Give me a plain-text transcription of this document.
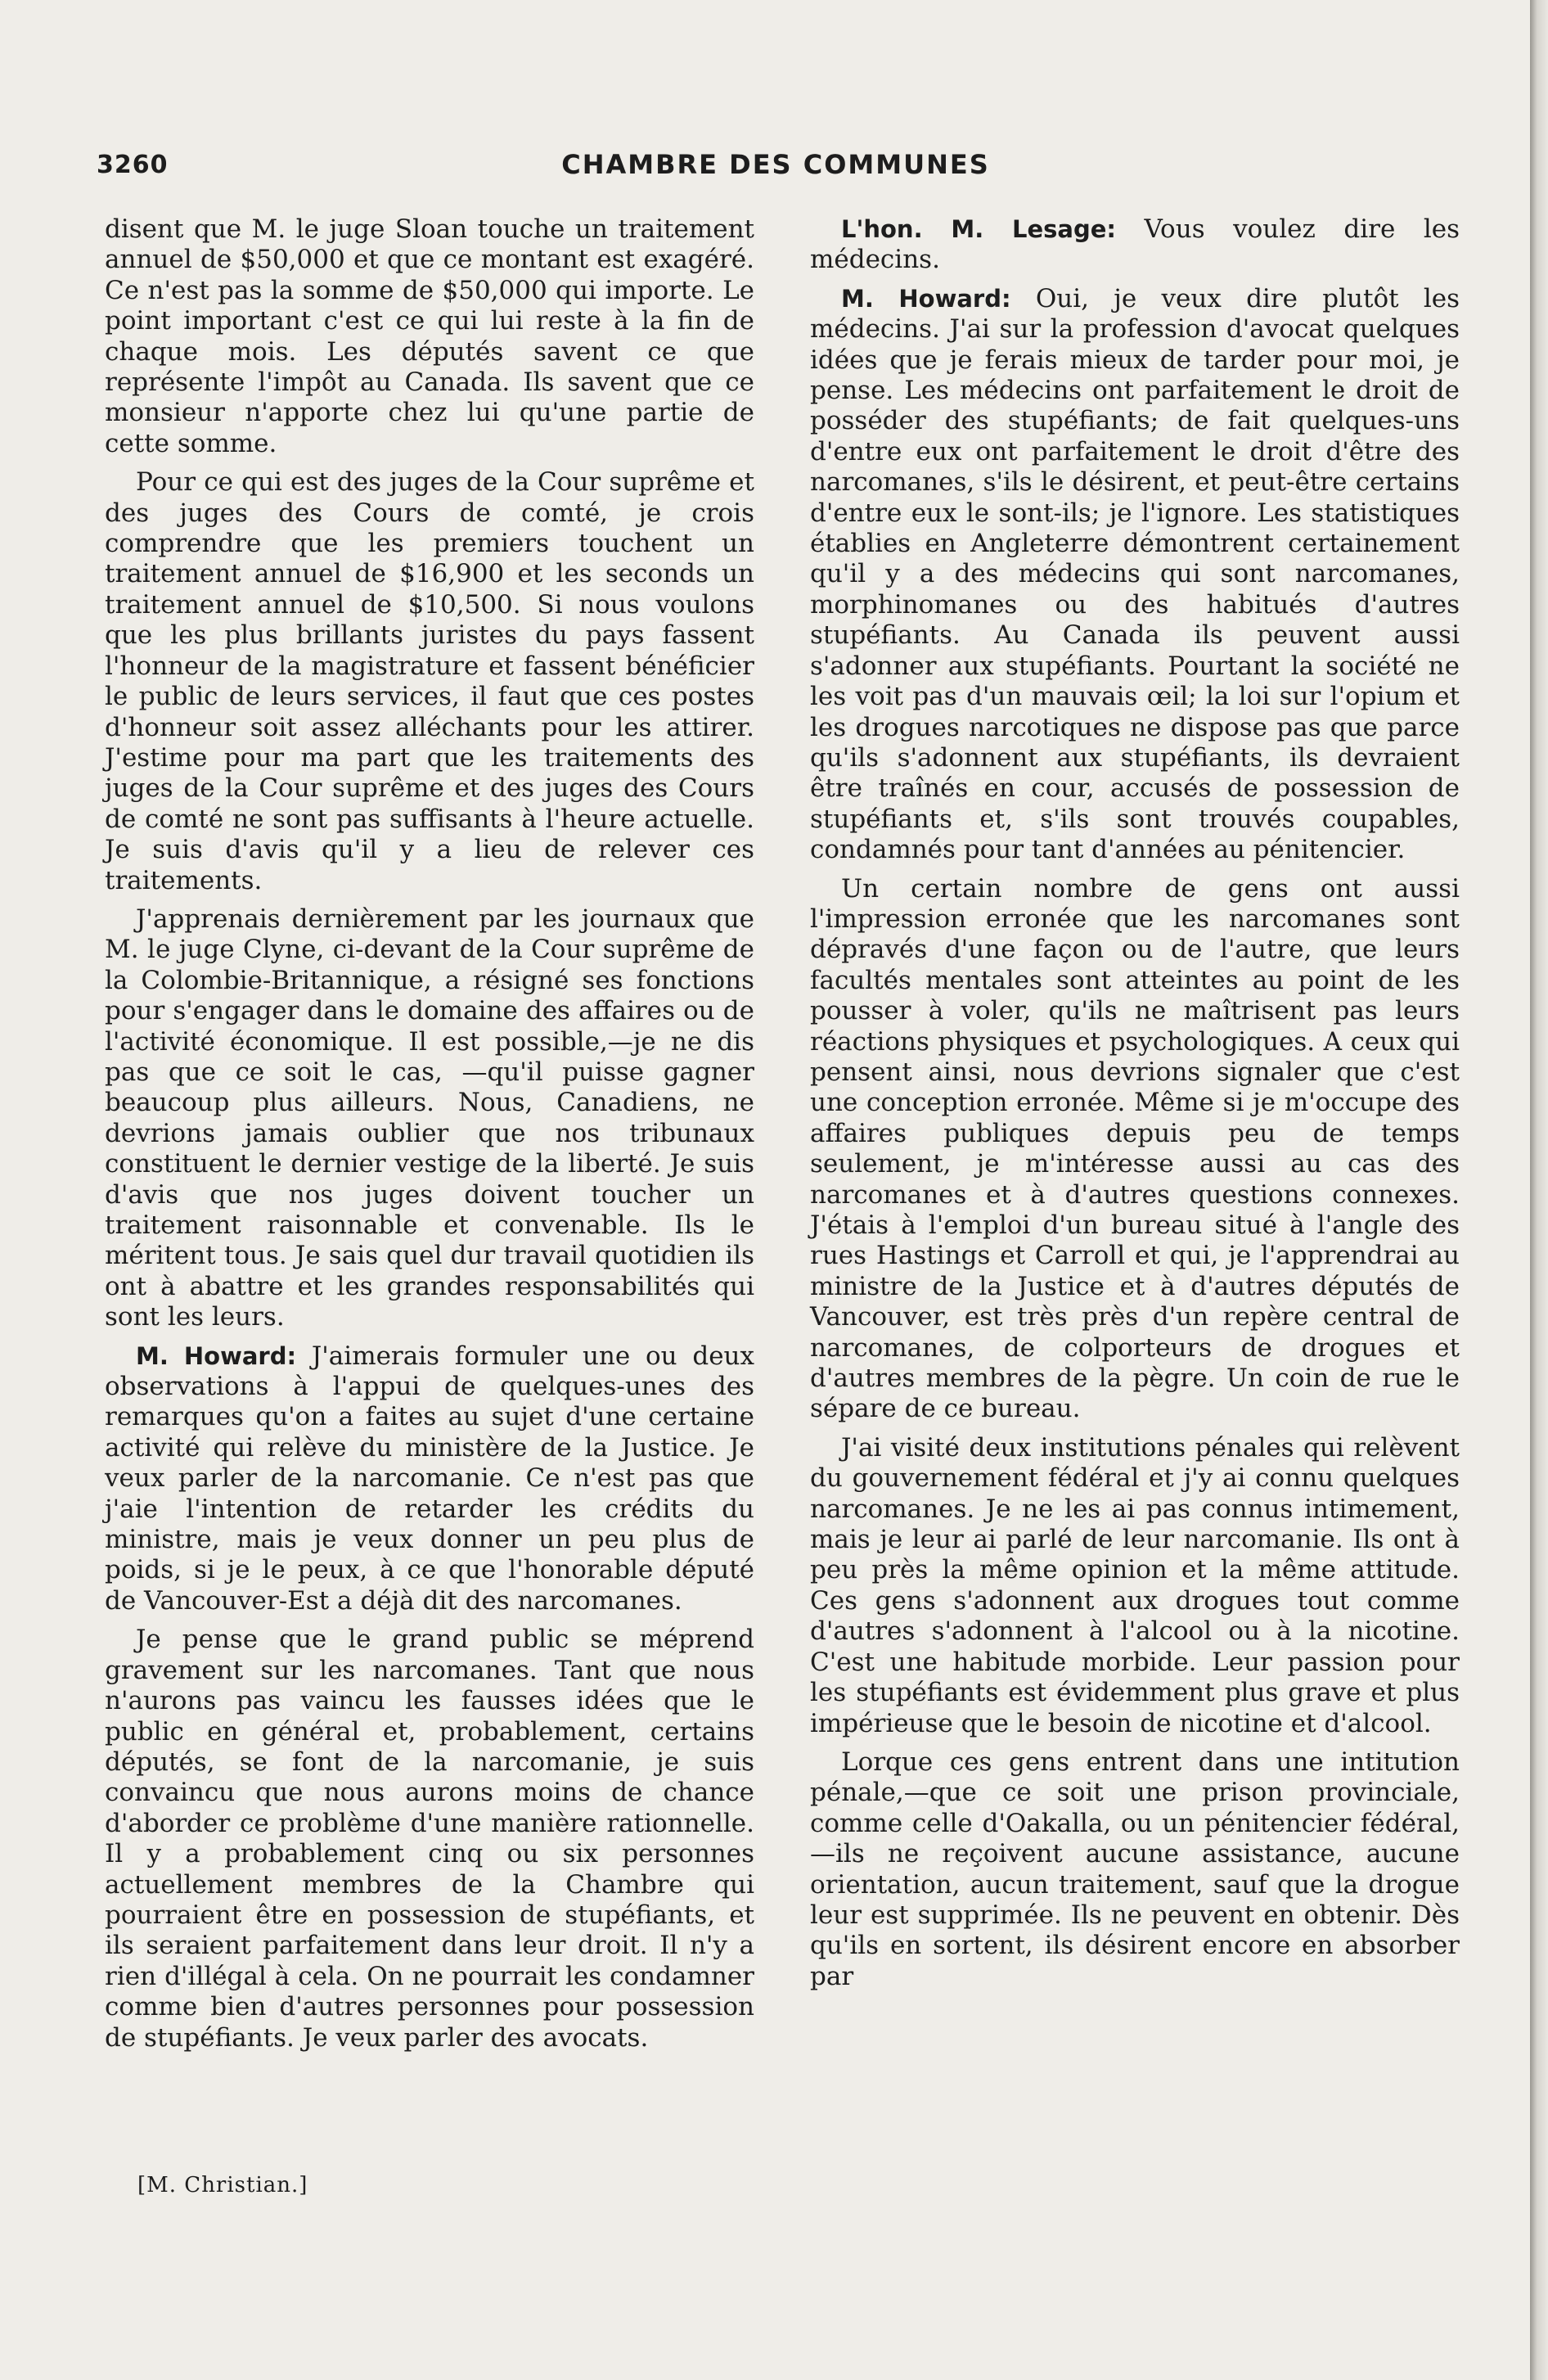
3260	CHAMBRE DES COMMUNES

disent que M. le juge Sloan touche un traitement annuel de $50,000 et que ce montant est exagéré. Ce n'est pas la somme de $50,000 qui importe. Le point important c'est ce qui lui reste à la fin de chaque mois. Les députés savent ce que représente l'impôt au Canada. Ils savent que ce monsieur n'apporte chez lui qu'une partie de cette somme.

Pour ce qui est des juges de la Cour suprême et des juges des Cours de comté, je crois comprendre que les premiers touchent un traitement annuel de $16,900 et les seconds un traitement annuel de $10,500. Si nous voulons que les plus brillants juristes du pays fassent l'honneur de la magistrature et fassent bénéficier le public de leurs services, il faut que ces postes d'honneur soit assez alléchants pour les attirer. J'estime pour ma part que les traitements des juges de la Cour suprême et des juges des Cours de comté ne sont pas suffisants à l'heure actuelle. Je suis d'avis qu'il y a lieu de relever ces traitements.

J'apprenais dernièrement par les journaux que M. le juge Clyne, ci-devant de la Cour suprême de la Colombie-Britannique, a résigné ses fonctions pour s'engager dans le domaine des affaires ou de l'activité économique. Il est possible,—je ne dis pas que ce soit le cas, —qu'il puisse gagner beaucoup plus ailleurs. Nous, Canadiens, ne devrions jamais oublier que nos tribunaux constituent le dernier vestige de la liberté. Je suis d'avis que nos juges doivent toucher un traitement raisonnable et convenable. Ils le méritent tous. Je sais quel dur travail quotidien ils ont à abattre et les grandes responsabilités qui sont les leurs.

M. Howard: J'aimerais formuler une ou deux observations à l'appui de quelques-unes des remarques qu'on a faites au sujet d'une certaine activité qui relève du ministère de la Justice. Je veux parler de la narcomanie. Ce n'est pas que j'aie l'intention de retarder les crédits du ministre, mais je veux donner un peu plus de poids, si je le peux, à ce que l'honorable député de Vancouver-Est a déjà dit des narcomanes.

Je pense que le grand public se méprend gravement sur les narcomanes. Tant que nous n'aurons pas vaincu les fausses idées que le public en général et, probablement, certains députés, se font de la narcomanie, je suis convaincu que nous aurons moins de chance d'aborder ce problème d'une manière rationnelle. Il y a probablement cinq ou six personnes actuellement membres de la Chambre qui pourraient être en possession de stupéfiants, et ils seraient parfaitement dans leur droit. Il n'y a rien d'illégal à cela. On ne pourrait les condamner comme bien d'autres personnes pour possession de stupéfiants. Je veux parler des avocats.

[M. Christian.]

L'hon. M. Lesage: Vous voulez dire les médecins.

M. Howard: Oui, je veux dire plutôt les médecins. J'ai sur la profession d'avocat quelques idées que je ferais mieux de tarder pour moi, je pense. Les médecins ont parfaitement le droit de posséder des stupéfiants; de fait quelques-uns d'entre eux ont parfaitement le droit d'être des narcomanes, s'ils le désirent, et peut-être certains d'entre eux le sont-ils; je l'ignore. Les statistiques établies en Angleterre démontrent certainement qu'il y a des médecins qui sont narcomanes, morphinomanes ou des habitués d'autres stupéfiants. Au Canada ils peuvent aussi s'adonner aux stupéfiants. Pourtant la société ne les voit pas d'un mauvais œil; la loi sur l'opium et les drogues narcotiques ne dispose pas que parce qu'ils s'adonnent aux stupéfiants, ils devraient être traînés en cour, accusés de possession de stupéfiants et, s'ils sont trouvés coupables, condamnés pour tant d'années au pénitencier.

Un certain nombre de gens ont aussi l'impression erronée que les narcomanes sont dépravés d'une façon ou de l'autre, que leurs facultés mentales sont atteintes au point de les pousser à voler, qu'ils ne maîtrisent pas leurs réactions physiques et psychologiques. A ceux qui pensent ainsi, nous devrions signaler que c'est une conception erronée. Même si je m'occupe des affaires publiques depuis peu de temps seulement, je m'intéresse aussi au cas des narcomanes et à d'autres questions connexes. J'étais à l'emploi d'un bureau situé à l'angle des rues Hastings et Carroll et qui, je l'apprendrai au ministre de la Justice et à d'autres députés de Vancouver, est très près d'un repère central de narcomanes, de colporteurs de drogues et d'autres membres de la pègre. Un coin de rue le sépare de ce bureau.

J'ai visité deux institutions pénales qui relèvent du gouvernement fédéral et j'y ai connu quelques narcomanes. Je ne les ai pas connus intimement, mais je leur ai parlé de leur narcomanie. Ils ont à peu près la même opinion et la même attitude. Ces gens s'adonnent aux drogues tout comme d'autres s'adonnent à l'alcool ou à la nicotine. C'est une habitude morbide. Leur passion pour les stupéfiants est évidemment plus grave et plus impérieuse que le besoin de nicotine et d'alcool.

Lorque ces gens entrent dans une intitution pénale,—que ce soit une prison provinciale, comme celle d'Oakalla, ou un pénitencier fédéral,—ils ne reçoivent aucune assistance, aucune orientation, aucun traitement, sauf que la drogue leur est supprimée. Ils ne peuvent en obtenir. Dès qu'ils en sortent, ils désirent encore en absorber par
